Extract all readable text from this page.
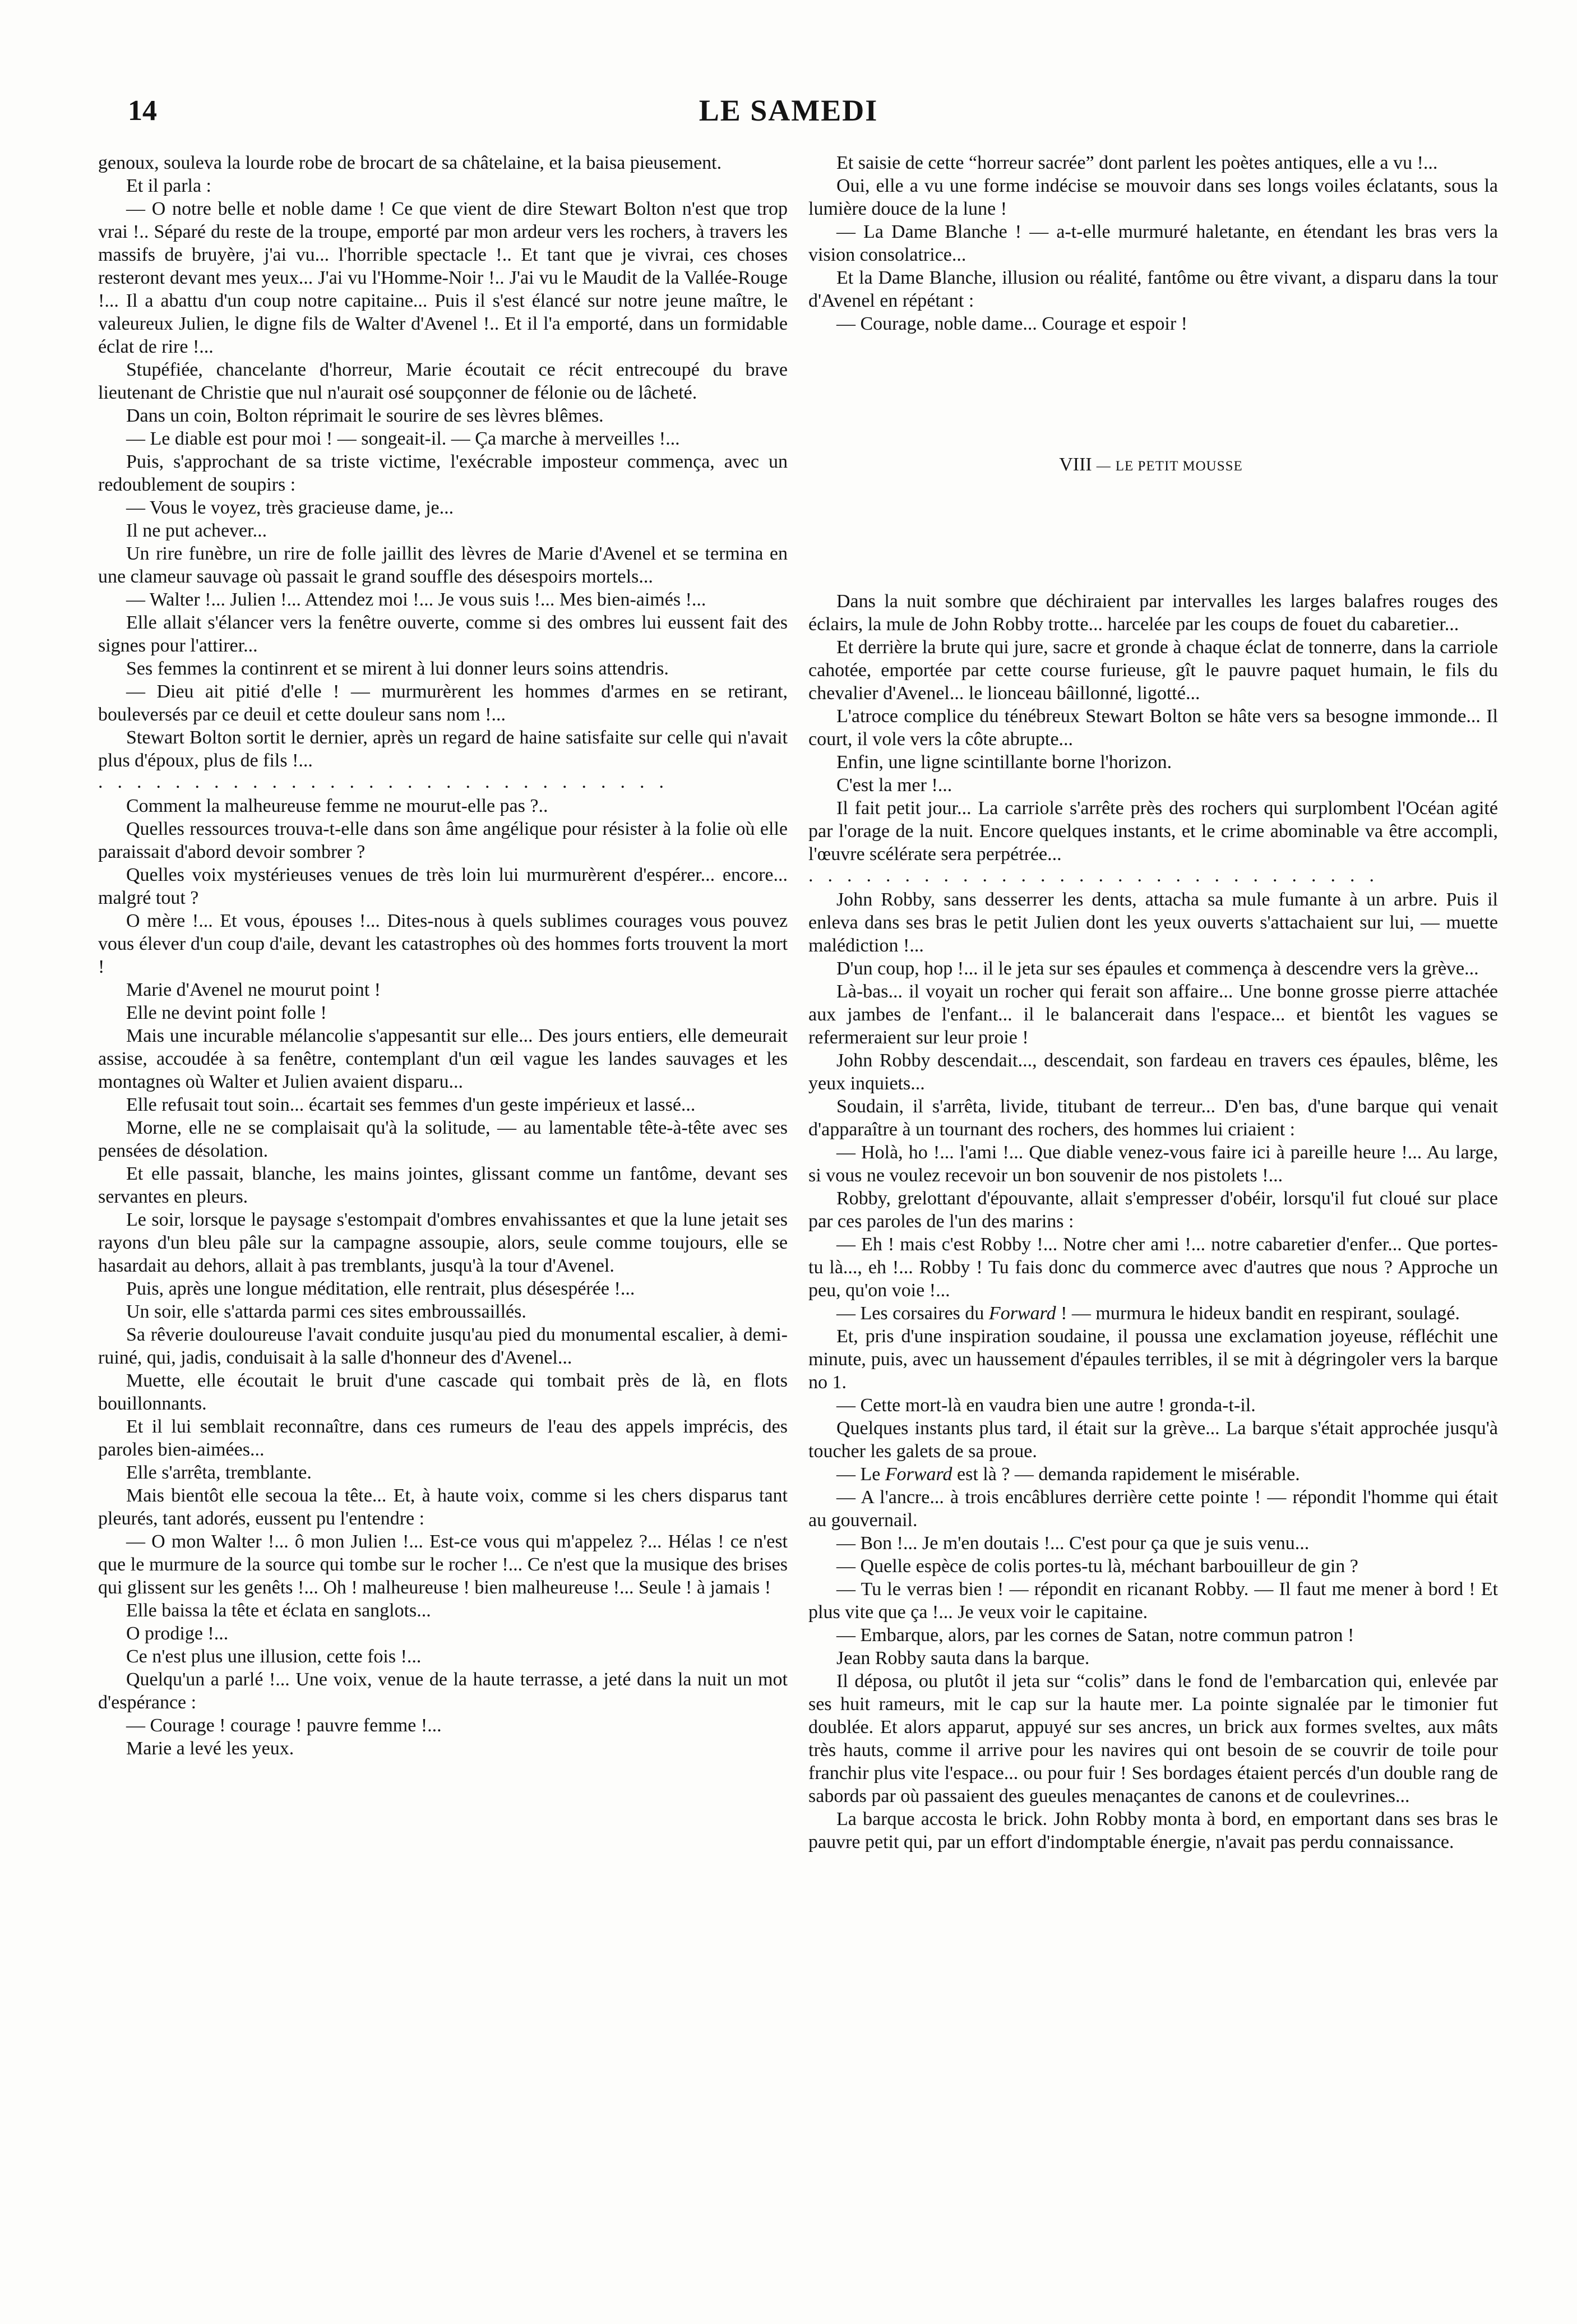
14	LE SAMEDI

genoux, souleva la lourde robe de brocart de sa châtelaine, et la baisa pieusement.

Et il parla :

— O notre belle et noble dame ! Ce que vient de dire Stewart Bolton n'est que trop vrai !.. Séparé du reste de la troupe, emporté par mon ardeur vers les rochers, à travers les massifs de bruyère, j'ai vu... l'horrible spectacle !.. Et tant que je vivrai, ces choses resteront devant mes yeux... J'ai vu l'Homme-Noir !.. J'ai vu le Maudit de la Vallée-Rouge !... Il a abattu d'un coup notre capitaine... Puis il s'est élancé sur notre jeune maître, le valeureux Julien, le digne fils de Walter d'Avenel !.. Et il l'a emporté, dans un formidable éclat de rire !...

Stupéfiée, chancelante d'horreur, Marie écoutait ce récit entrecoupé du brave lieutenant de Christie que nul n'aurait osé soupçonner de félonie ou de lâcheté.

Dans un coin, Bolton réprimait le sourire de ses lèvres blêmes.

— Le diable est pour moi ! — songeait-il. — Ça marche à merveilles !...

Puis, s'approchant de sa triste victime, l'exécrable imposteur commença, avec un redoublement de soupirs :

— Vous le voyez, très gracieuse dame, je...

Il ne put achever...

Un rire funèbre, un rire de folle jaillit des lèvres de Marie d'Avenel et se termina en une clameur sauvage où passait le grand souffle des désespoirs mortels...

— Walter !... Julien !... Attendez moi !... Je vous suis !... Mes bien-aimés !...

Elle allait s'élancer vers la fenêtre ouverte, comme si des ombres lui eussent fait des signes pour l'attirer...

Ses femmes la continrent et se mirent à lui donner leurs soins attendris.

— Dieu ait pitié d'elle ! — murmurèrent les hommes d'armes en se retirant, bouleversés par ce deuil et cette douleur sans nom !...

Stewart Bolton sortit le dernier, après un regard de haine satisfaite sur celle qui n'avait plus d'époux, plus de fils !...

..............................

Comment la malheureuse femme ne mourut-elle pas ?..

Quelles ressources trouva-t-elle dans son âme angélique pour résister à la folie où elle paraissait d'abord devoir sombrer ?

Quelles voix mystérieuses venues de très loin lui murmurèrent d'espérer... encore... malgré tout ?

O mère !... Et vous, épouses !... Dites-nous à quels sublimes courages vous pouvez vous élever d'un coup d'aile, devant les catastrophes où des hommes forts trouvent la mort !

Marie d'Avenel ne mourut point !

Elle ne devint point folle !

Mais une incurable mélancolie s'appesantit sur elle... Des jours entiers, elle demeurait assise, accoudée à sa fenêtre, contemplant d'un œil vague les landes sauvages et les montagnes où Walter et Julien avaient disparu...

Elle refusait tout soin... écartait ses femmes d'un geste impérieux et lassé...

Morne, elle ne se complaisait qu'à la solitude, — au lamentable tête-à-tête avec ses pensées de désolation.

Et elle passait, blanche, les mains jointes, glissant comme un fantôme, devant ses servantes en pleurs.

Le soir, lorsque le paysage s'estompait d'ombres envahissantes et que la lune jetait ses rayons d'un bleu pâle sur la campagne assoupie, alors, seule comme toujours, elle se hasardait au dehors, allait à pas tremblants, jusqu'à la tour d'Avenel.

Puis, après une longue méditation, elle rentrait, plus désespérée !...

Un soir, elle s'attarda parmi ces sites embroussaillés.

Sa rêverie douloureuse l'avait conduite jusqu'au pied du monumental escalier, à demi-ruiné, qui, jadis, conduisait à la salle d'honneur des d'Avenel...

Muette, elle écoutait le bruit d'une cascade qui tombait près de là, en flots bouillonnants.

Et il lui semblait reconnaître, dans ces rumeurs de l'eau des appels imprécis, des paroles bien-aimées...

Elle s'arrêta, tremblante.

Mais bientôt elle secoua la tête... Et, à haute voix, comme si les chers disparus tant pleurés, tant adorés, eussent pu l'entendre :

— O mon Walter !... ô mon Julien !... Est-ce vous qui m'appelez ?... Hélas ! ce n'est que le murmure de la source qui tombe sur le rocher !... Ce n'est que la musique des brises qui glissent sur les genêts !... Oh ! malheureuse ! bien malheureuse !... Seule ! à jamais !

Elle baissa la tête et éclata en sanglots...

O prodige !...

Ce n'est plus une illusion, cette fois !...

Quelqu'un a parlé !... Une voix, venue de la haute terrasse, a jeté dans la nuit un mot d'espérance :

— Courage ! courage ! pauvre femme !...

Marie a levé les yeux.

Et saisie de cette “horreur sacrée” dont parlent les poètes antiques, elle a vu !...

Oui, elle a vu une forme indécise se mouvoir dans ses longs voiles éclatants, sous la lumière douce de la lune !

— La Dame Blanche ! — a-t-elle murmuré haletante, en étendant les bras vers la vision consolatrice...

Et la Dame Blanche, illusion ou réalité, fantôme ou être vivant, a disparu dans la tour d'Avenel en répétant :

— Courage, noble dame... Courage et espoir !

VIII — LE PETIT MOUSSE

Dans la nuit sombre que déchiraient par intervalles les larges balafres rouges des éclairs, la mule de John Robby trotte... harcelée par les coups de fouet du cabaretier...

Et derrière la brute qui jure, sacre et gronde à chaque éclat de tonnerre, dans la carriole cahotée, emportée par cette course furieuse, gît le pauvre paquet humain, le fils du chevalier d'Avenel... le lionceau bâillonné, ligotté...

L'atroce complice du ténébreux Stewart Bolton se hâte vers sa besogne immonde... Il court, il vole vers la côte abrupte...

Enfin, une ligne scintillante borne l'horizon.

C'est la mer !...

Il fait petit jour... La carriole s'arrête près des rochers qui surplombent l'Océan agité par l'orage de la nuit. Encore quelques instants, et le crime abominable va être accompli, l'œuvre scélérate sera perpétrée...

..............................

John Robby, sans desserrer les dents, attacha sa mule fumante à un arbre. Puis il enleva dans ses bras le petit Julien dont les yeux ouverts s'attachaient sur lui, — muette malédiction !...

D'un coup, hop !... il le jeta sur ses épaules et commença à descendre vers la grève...

Là-bas... il voyait un rocher qui ferait son affaire... Une bonne grosse pierre attachée aux jambes de l'enfant... il le balancerait dans l'espace... et bientôt les vagues se refermeraient sur leur proie !

John Robby descendait..., descendait, son fardeau en travers ces épaules, blême, les yeux inquiets...

Soudain, il s'arrêta, livide, titubant de terreur... D'en bas, d'une barque qui venait d'apparaître à un tournant des rochers, des hommes lui criaient :

— Holà, ho !... l'ami !... Que diable venez-vous faire ici à pareille heure !... Au large, si vous ne voulez recevoir un bon souvenir de nos pistolets !...

Robby, grelottant d'épouvante, allait s'empresser d'obéir, lorsqu'il fut cloué sur place par ces paroles de l'un des marins :

— Eh ! mais c'est Robby !... Notre cher ami !... notre cabaretier d'enfer... Que portes-tu là..., eh !... Robby ! Tu fais donc du commerce avec d'autres que nous ? Approche un peu, qu'on voie !...

— Les corsaires du Forward ! — murmura le hideux bandit en respirant, soulagé.

Et, pris d'une inspiration soudaine, il poussa une exclamation joyeuse, réfléchit une minute, puis, avec un haussement d'épaules terribles, il se mit à dégringoler vers la barque no 1.

— Cette mort-là en vaudra bien une autre ! gronda-t-il.

Quelques instants plus tard, il était sur la grève... La barque s'était approchée jusqu'à toucher les galets de sa proue.

— Le Forward est là ? — demanda rapidement le misérable.

— A l'ancre... à trois encâblures derrière cette pointe ! — répondit l'homme qui était au gouvernail.

— Bon !... Je m'en doutais !... C'est pour ça que je suis venu...

— Quelle espèce de colis portes-tu là, méchant barbouilleur de gin ?

— Tu le verras bien ! — répondit en ricanant Robby. — Il faut me mener à bord ! Et plus vite que ça !... Je veux voir le capitaine.

— Embarque, alors, par les cornes de Satan, notre commun patron !

Jean Robby sauta dans la barque.

Il déposa, ou plutôt il jeta sur “colis” dans le fond de l'embarcation qui, enlevée par ses huit rameurs, mit le cap sur la haute mer. La pointe signalée par le timonier fut doublée. Et alors apparut, appuyé sur ses ancres, un brick aux formes sveltes, aux mâts très hauts, comme il arrive pour les navires qui ont besoin de se couvrir de toile pour franchir plus vite l'espace... ou pour fuir ! Ses bordages étaient percés d'un double rang de sabords par où passaient des gueules menaçantes de canons et de coulevrines...

La barque accosta le brick. John Robby monta à bord, en emportant dans ses bras le pauvre petit qui, par un effort d'indomptable énergie, n'avait pas perdu connaissance.
